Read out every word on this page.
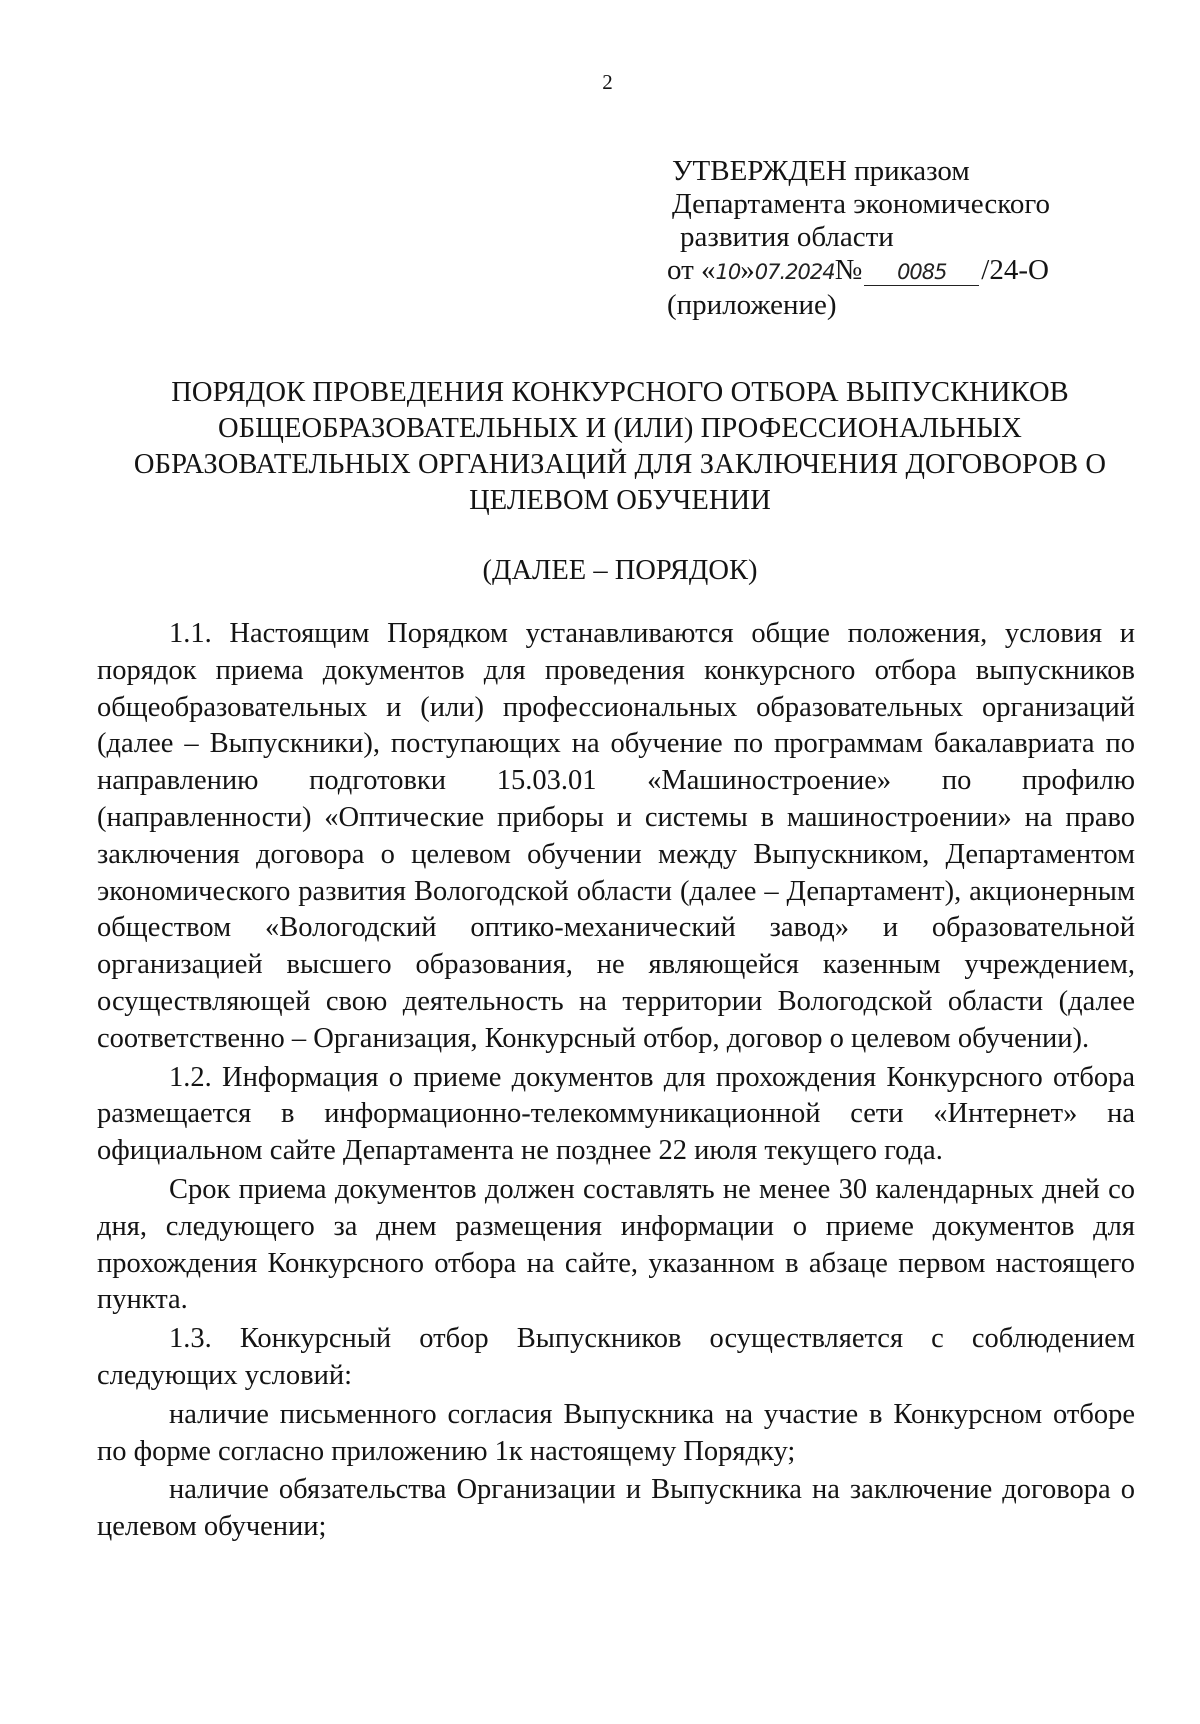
2
УТВЕРЖДЕН приказом
Департамента экономического
развития области
от «10»07.2024№ 0085 /24-О
(приложение)
ПОРЯДОК ПРОВЕДЕНИЯ КОНКУРСНОГО ОТБОРА ВЫПУСКНИКОВ ОБЩЕОБРАЗОВАТЕЛЬНЫХ И (ИЛИ) ПРОФЕССИОНАЛЬНЫХ ОБРАЗОВАТЕЛЬНЫХ ОРГАНИЗАЦИЙ ДЛЯ ЗАКЛЮЧЕНИЯ ДОГОВОРОВ О ЦЕЛЕВОМ ОБУЧЕНИИ
(ДАЛЕЕ – ПОРЯДОК)

1.1. Настоящим Порядком устанавливаются общие положения, условия и порядок приема документов для проведения конкурсного отбора выпускников общеобразовательных и (или) профессиональных образовательных организаций (далее – Выпускники), поступающих на обучение по программам бакалавриата по направлению подготовки 15.03.01 «Машиностроение» по профилю (направленности) «Оптические приборы и системы в машиностроении» на право заключения договора о целевом обучении между Выпускником, Департаментом экономического развития Вологодской области (далее – Департамент), акционерным обществом «Вологодский оптико-механический завод» и образовательной организацией высшего образования, не являющейся казенным учреждением, осуществляющей свою деятельность на территории Вологодской области (далее соответственно – Организация, Конкурсный отбор, договор о целевом обучении).

1.2. Информация о приеме документов для прохождения Конкурсного отбора размещается в информационно-телекоммуникационной сети «Интернет» на официальном сайте Департамента не позднее 22 июля текущего года.

Срок приема документов должен составлять не менее 30 календарных дней со дня, следующего за днем размещения информации о приеме документов для прохождения Конкурсного отбора на сайте, указанном в абзаце первом настоящего пункта.

1.3. Конкурсный отбор Выпускников осуществляется с соблюдением следующих условий:

наличие письменного согласия Выпускника на участие в Конкурсном отборе по форме согласно приложению 1к настоящему Порядку;

наличие обязательства Организации и Выпускника на заключение договора о целевом обучении;
